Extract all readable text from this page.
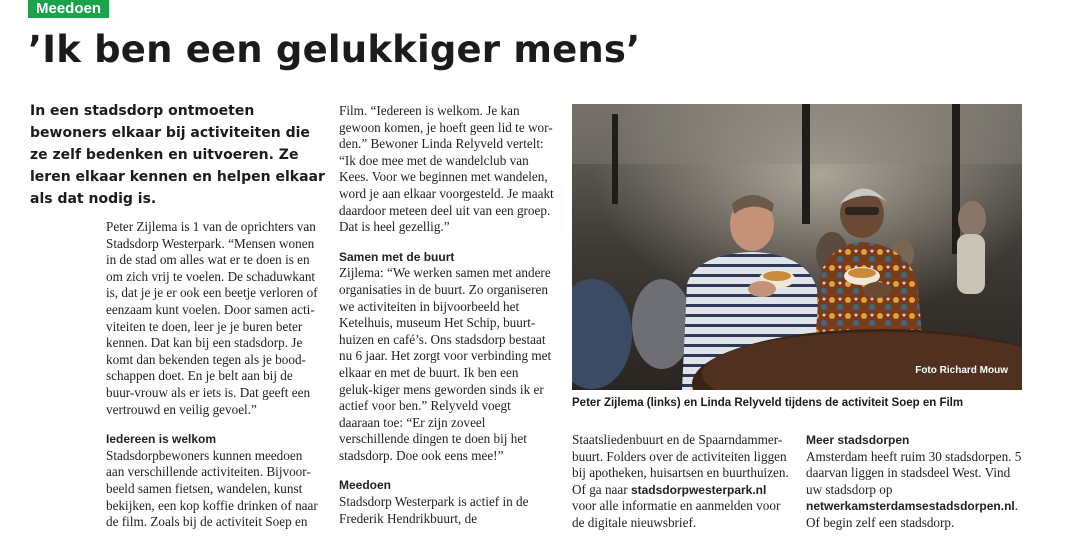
Meedoen
’Ik ben een gelukkiger mens’
In een stadsdorp ontmoeten bewoners elkaar bij activiteiten die ze zelf bedenken en uitvoeren. Ze leren elkaar kennen en helpen elkaar als dat nodig is.

Peter Zijlema is 1 van de oprichters van Stadsdorp Westerpark. “Mensen wonen in de stad om alles wat er te doen is en om zich vrij te voelen. De schaduwkant is, dat je je er ook een beetje verloren of eenzaam kunt voelen. Door samen acti-viteiten te doen, leer je je buren beter kennen. Dat kan bij een stadsdorp. Je komt dan bekenden tegen als je bood-schappen doet. En je belt aan bij de buur-vrouw als er iets is. Dat geeft een vertrouwd en veilig gevoel.”

Iedereen is welkom

Stadsdorpbewoners kunnen meedoen aan verschillende activiteiten. Bijvoor-beeld samen fietsen, wandelen, kunst bekijken, een kop koffie drinken of naar de film. Zoals bij de activiteit Soep en

Film. “Iedereen is welkom. Je kan gewoon komen, je hoeft geen lid te wor-den.” Bewoner Linda Relyveld vertelt: “Ik doe mee met de wandelclub van Kees. Voor we beginnen met wandelen, word je aan elkaar voorgesteld. Je maakt daardoor meteen deel uit van een groep. Dat is heel gezellig.”

Samen met de buurt

Zijlema: “We werken samen met andere organisaties in de buurt. Zo organiseren we activiteiten in bijvoorbeeld het Ketelhuis, museum Het Schip, buurt-huizen en café’s. Ons stadsdorp bestaat nu 6 jaar. Het zorgt voor verbinding met elkaar en met de buurt. Ik ben een geluk-kiger mens geworden sinds ik er actief voor ben.” Relyveld voegt daaraan toe: “Er zijn zoveel verschillende dingen te doen bij het stadsdorp. Doe ook eens mee!”

Meedoen

Stadsdorp Westerpark is actief in de Frederik Hendrikbuurt, de

Foto Richard Mouw
Peter Zijlema (links) en Linda Relyveld tijdens de activiteit Soep en Film

Staatsliedenbuurt en de Spaarndammer-buurt. Folders over de activiteiten liggen bij apotheken, huisartsen en buurthuizen. Of ga naar stadsdorpwesterpark.nl voor alle informatie en aanmelden voor de digitale nieuwsbrief.

Meer stadsdorpen

Amsterdam heeft ruim 30 stadsdorpen. 5 daarvan liggen in stadsdeel West. Vind uw stadsdorp op netwerkamsterdamsestadsdorpen.nl. Of begin zelf een stadsdorp.
